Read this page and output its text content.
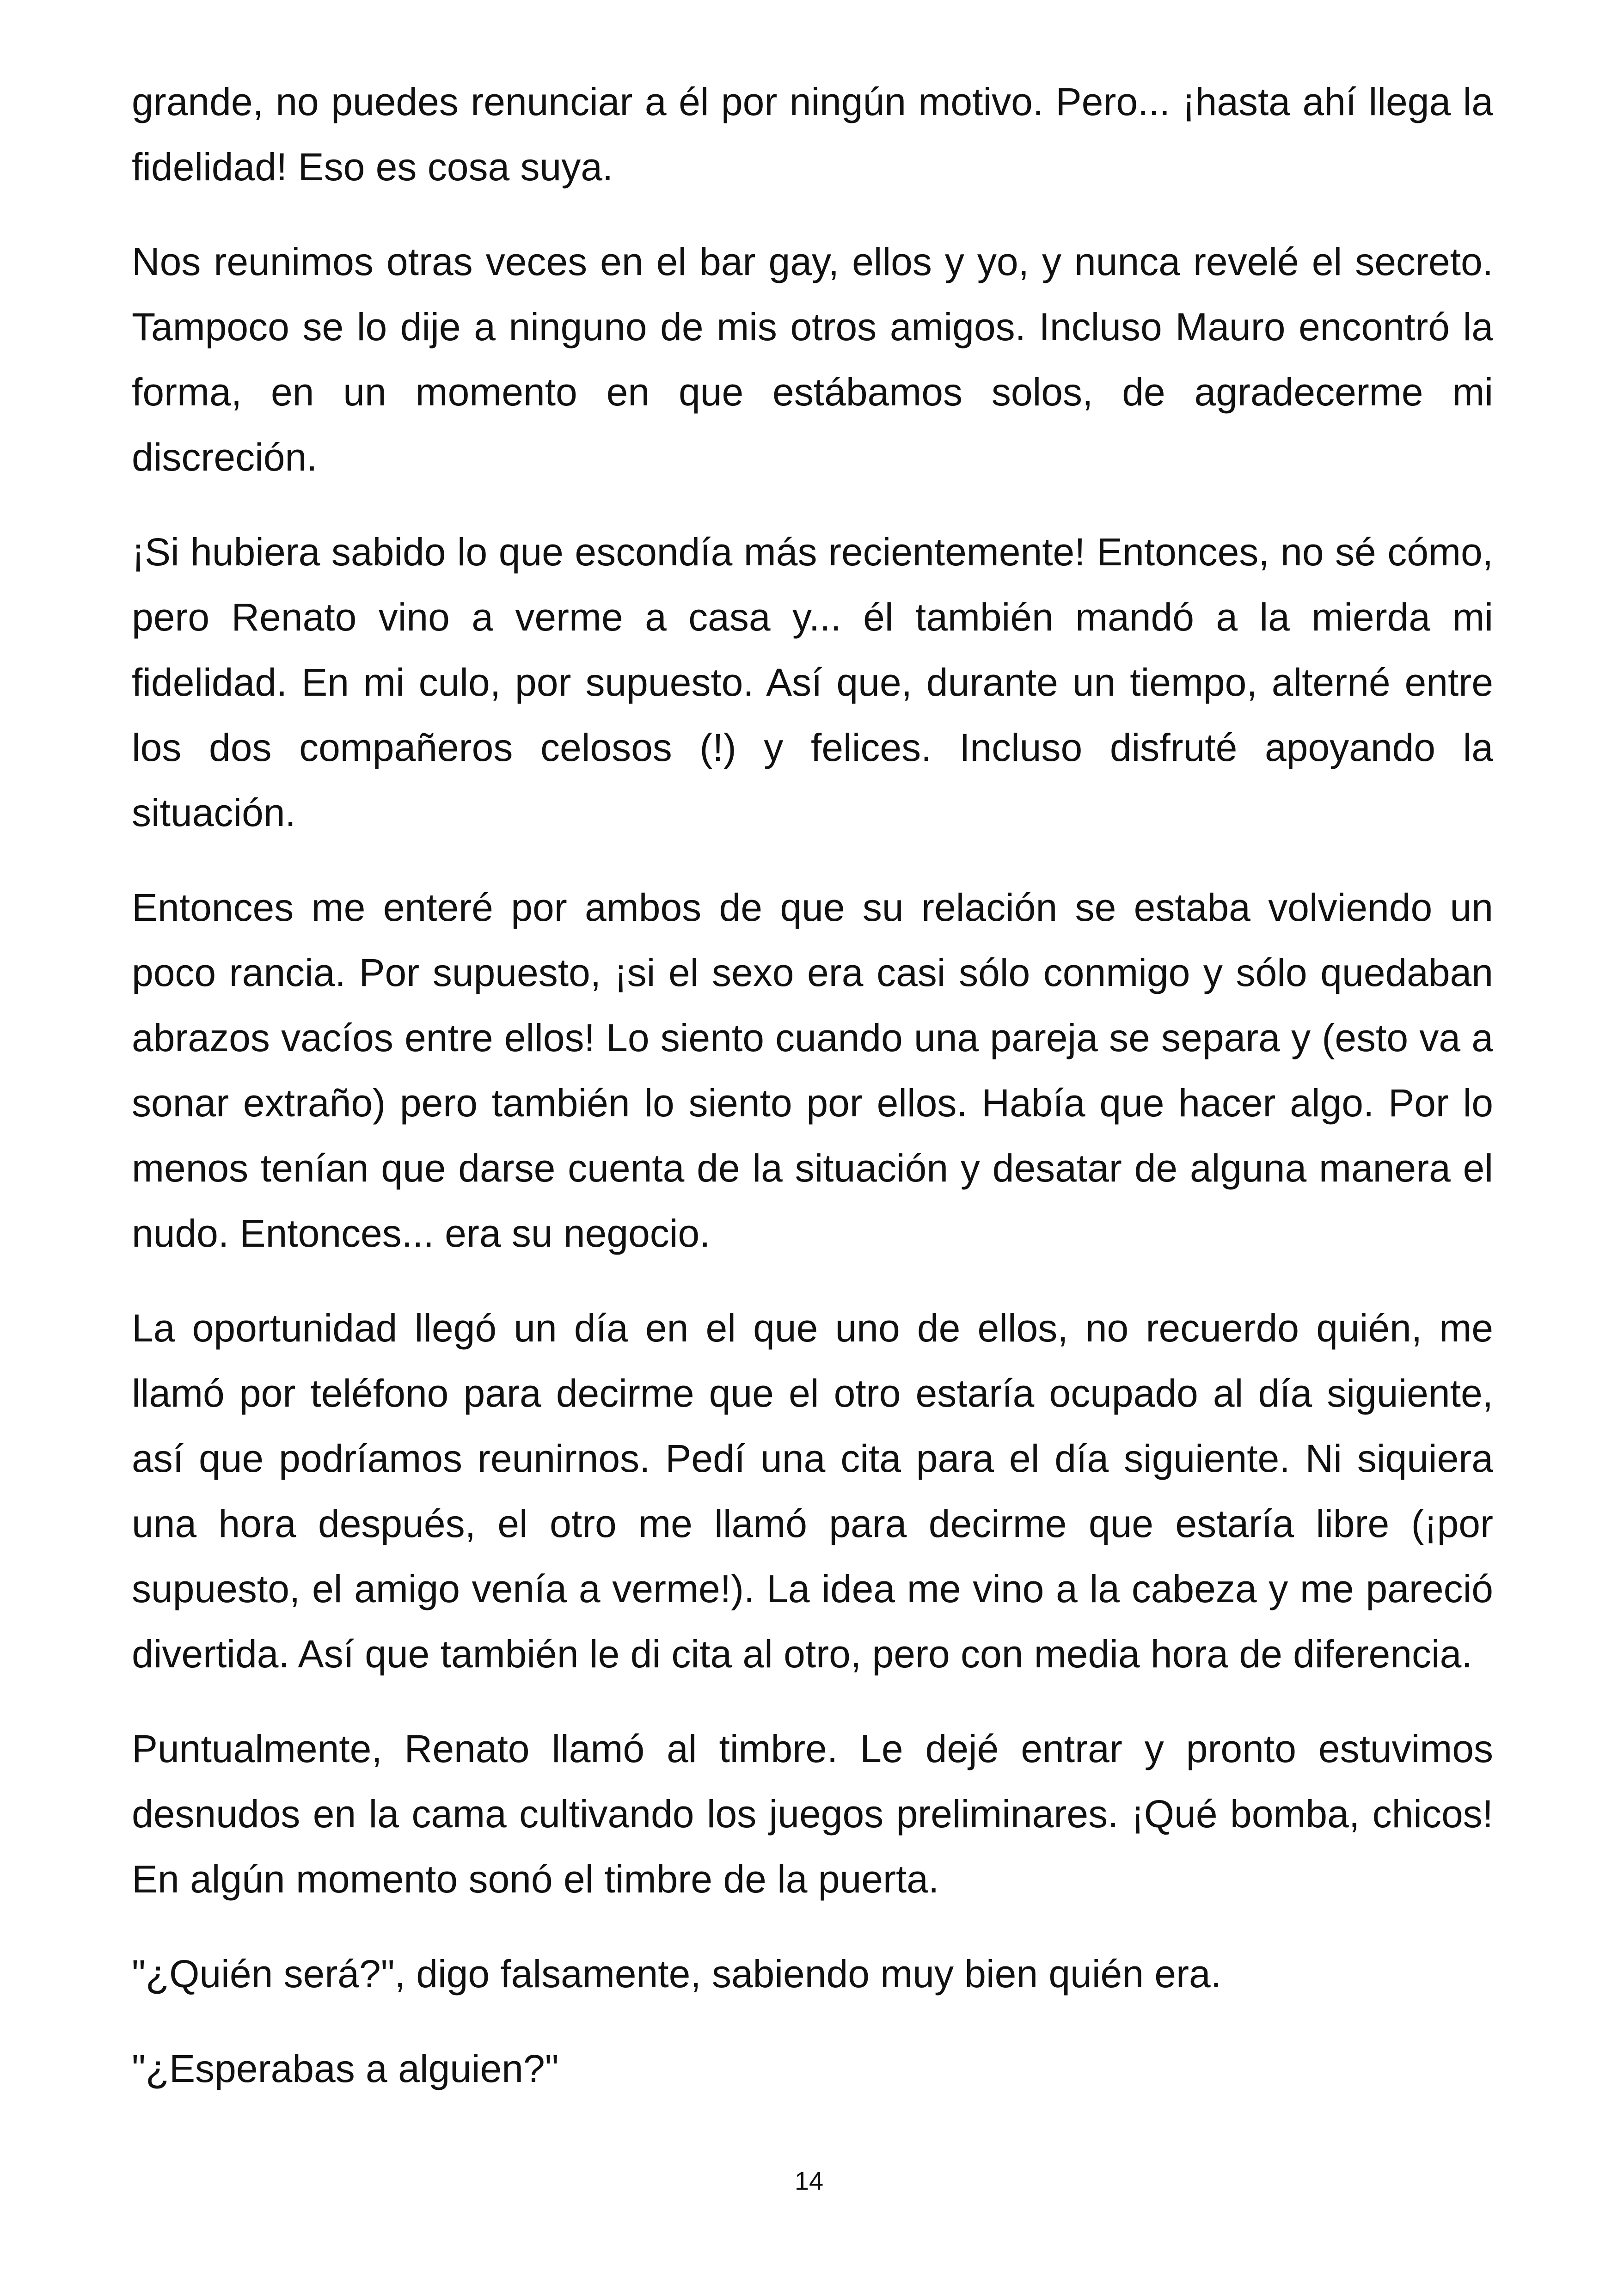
grande, no puedes renunciar a él por ningún motivo. Pero... ¡hasta ahí llega la fidelidad! Eso es cosa suya.

Nos reunimos otras veces en el bar gay, ellos y yo, y nunca revelé el secreto. Tampoco se lo dije a ninguno de mis otros amigos. Incluso Mauro encontró la forma, en un momento en que estábamos solos, de agradecerme mi discreción.

¡Si hubiera sabido lo que escondía más recientemente! Entonces, no sé cómo, pero Renato vino a verme a casa y... él también mandó a la mierda mi fidelidad. En mi culo, por supuesto. Así que, durante un tiempo, alterné entre los dos compañeros celosos (!) y felices. Incluso disfruté apoyando la situación.

Entonces me enteré por ambos de que su relación se estaba volviendo un poco rancia. Por supuesto, ¡si el sexo era casi sólo conmigo y sólo quedaban abrazos vacíos entre ellos! Lo siento cuando una pareja se separa y (esto va a sonar extraño) pero también lo siento por ellos. Había que hacer algo. Por lo menos tenían que darse cuenta de la situación y desatar de alguna manera el nudo. Entonces... era su negocio.

La oportunidad llegó un día en el que uno de ellos, no recuerdo quién, me llamó por teléfono para decirme que el otro estaría ocupado al día siguiente, así que podríamos reunirnos. Pedí una cita para el día siguiente. Ni siquiera una hora después, el otro me llamó para decirme que estaría libre (¡por supuesto, el amigo venía a verme!). La idea me vino a la cabeza y me pareció divertida. Así que también le di cita al otro, pero con media hora de diferencia.

Puntualmente, Renato llamó al timbre. Le dejé entrar y pronto estuvimos desnudos en la cama cultivando los juegos preliminares. ¡Qué bomba, chicos! En algún momento sonó el timbre de la puerta.

"¿Quién será?", digo falsamente, sabiendo muy bien quién era.

"¿Esperabas a alguien?"

14
